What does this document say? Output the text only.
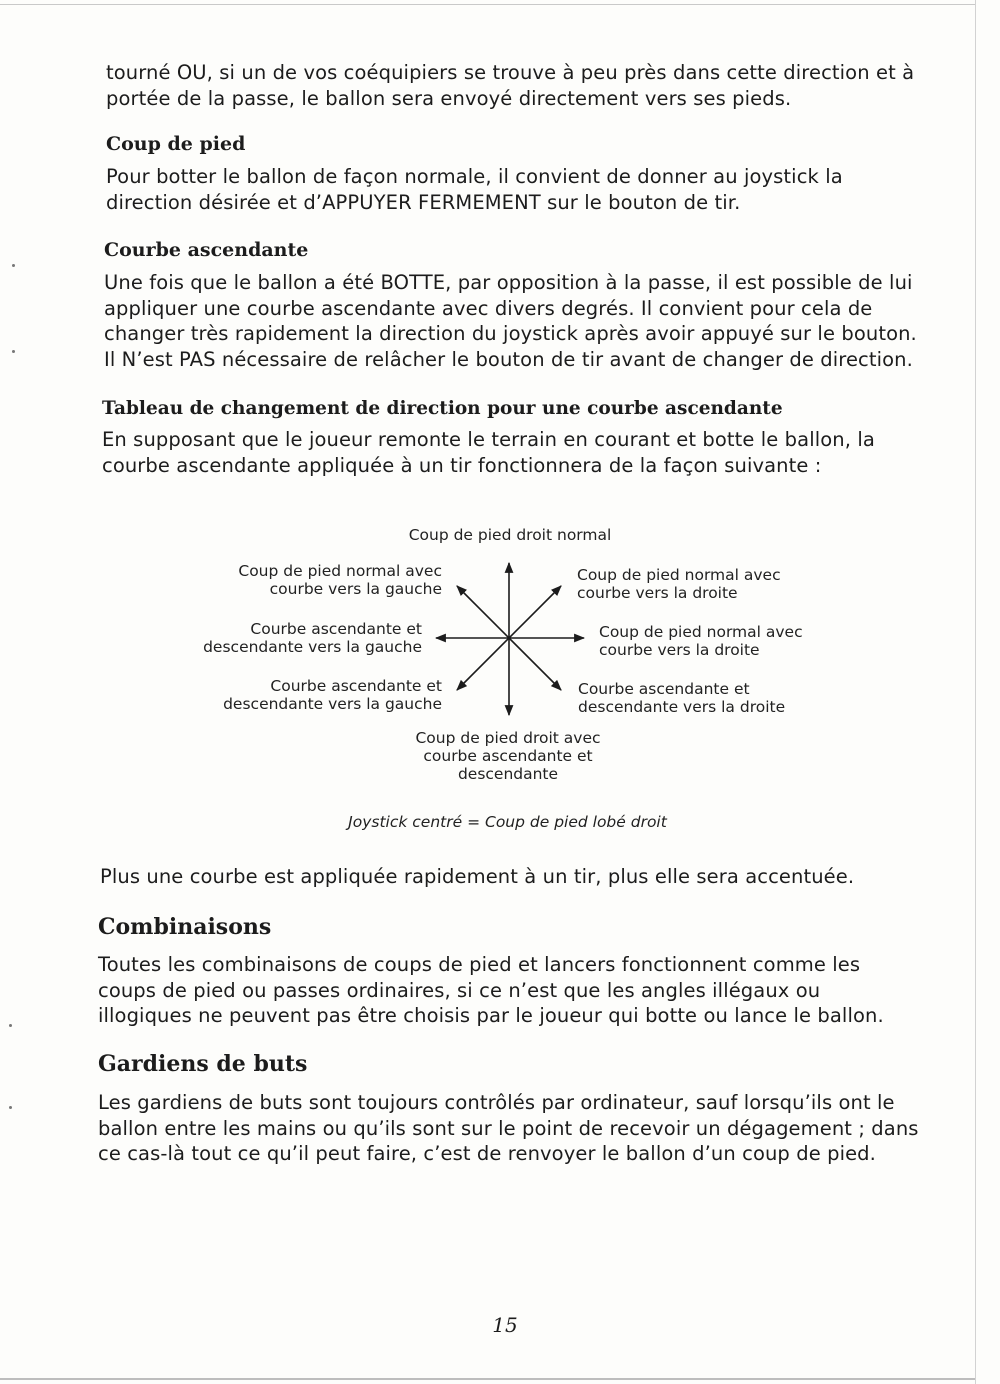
tourné OU, si un de vos coéquipiers se trouve à peu près dans cette direction et à portée de la passe, le ballon sera envoyé directement vers ses pieds.

Coup de pied

Pour botter le ballon de façon normale, il convient de donner au joystick la direction désirée et d’APPUYER FERMEMENT sur le bouton de tir.

Courbe ascendante

Une fois que le ballon a été BOTTE, par opposition à la passe, il est possible de lui appliquer une courbe ascendante avec divers degrés. Il convient pour cela de changer très rapidement la direction du joystick après avoir appuyé sur le bouton. Il N’est PAS nécessaire de relâcher le bouton de tir avant de changer de direction.

Tableau de changement de direction pour une courbe ascendante

En supposant que le joueur remonte le terrain en courant et botte le ballon, la courbe ascendante appliquée à un tir fonctionnera de la façon suivante :

Coup de pied droit normal
Coup de pied normal avec
courbe vers la gauche
Coup de pied normal avec
courbe vers la droite
Courbe ascendante et
descendante vers la gauche
Coup de pied normal avec
courbe vers la droite
Courbe ascendante et
descendante vers la gauche
Courbe ascendante et
descendante vers la droite
Coup de pied droit avec
courbe ascendante et
descendante
Joystick centré = Coup de pied lobé droit

Plus une courbe est appliquée rapidement à un tir, plus elle sera accentuée.

Combinaisons

Toutes les combinaisons de coups de pied et lancers fonctionnent comme les coups de pied ou passes ordinaires, si ce n’est que les angles illégaux ou illogiques ne peuvent pas être choisis par le joueur qui botte ou lance le ballon.

Gardiens de buts

Les gardiens de buts sont toujours contrôlés par ordinateur, sauf lorsqu’ils ont le ballon entre les mains ou qu’ils sont sur le point de recevoir un dégagement ; dans ce cas-là tout ce qu’il peut faire, c’est de renvoyer le ballon d’un coup de pied.

15
